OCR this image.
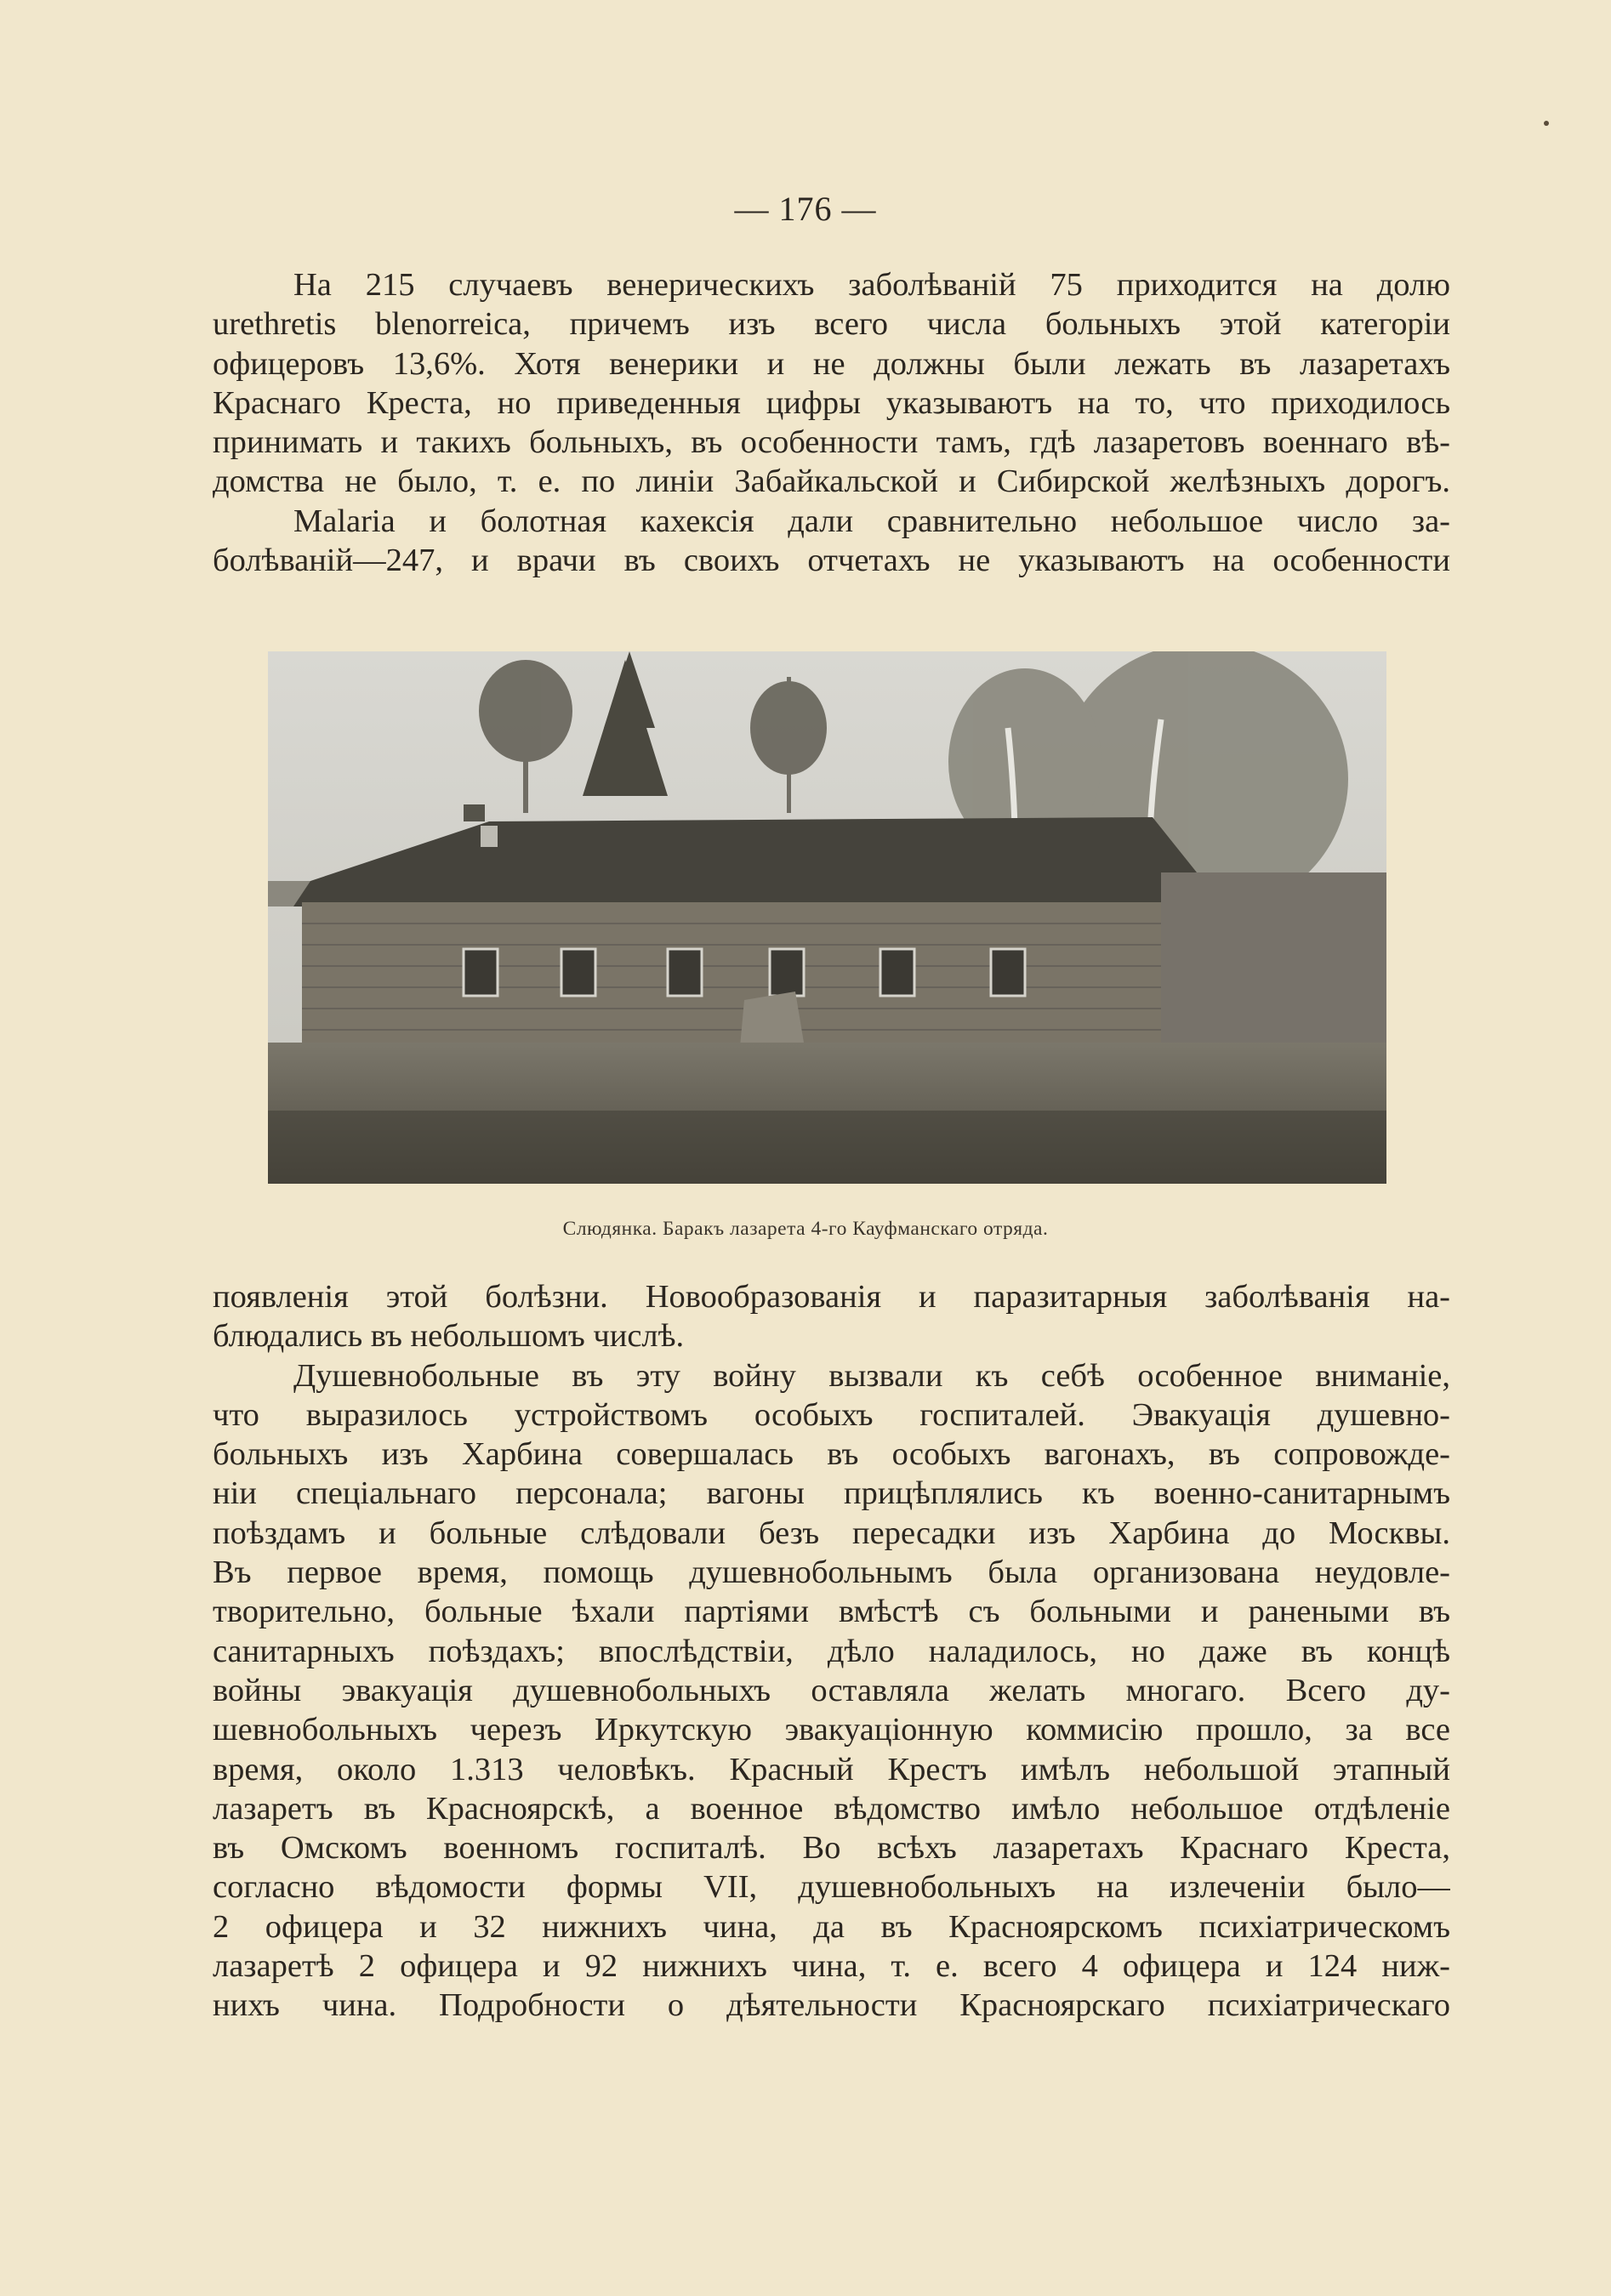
— 176 —
На 215 случаевъ венерическихъ заболѣваній 75 приходится на долю
urethretis blenorreica, причемъ изъ всего числа больныхъ этой категоріи
офицеровъ 13,6%. Хотя венерики и не должны были лежать въ лазаретахъ
Краснаго Креста, но приведенныя цифры указываютъ на то, что приходилось
принимать и такихъ больныхъ, въ особенности тамъ, гдѣ лазаретовъ военнаго вѣ-
домства не было, т. е. по линіи Забайкальской и Сибирской желѣзныхъ дорогъ.
Malaria и болотная кахексія дали сравнительно небольшое число за-
болѣваній—247, и врачи въ своихъ отчетахъ не указываютъ на особенности
Слюдянка. Баракъ лазарета 4-го Кауфманскаго отряда.
появленія этой болѣзни. Новообразованія и паразитарныя заболѣванія на-
блюдались въ небольшомъ числѣ.
Душевнобольные въ эту войну вызвали къ себѣ особенное вниманіе,
что выразилось устройствомъ особыхъ госпиталей. Эвакуація душевно-
больныхъ изъ Харбина совершалась въ особыхъ вагонахъ, въ сопровожде-
ніи спеціальнаго персонала; вагоны прицѣплялись къ военно-санитарнымъ
поѣздамъ и больные слѣдовали безъ пересадки изъ Харбина до Москвы.
Въ первое время, помощь душевнобольнымъ была организована неудовле-
творительно, больные ѣхали партіями вмѣстѣ съ больными и ранеными въ
санитарныхъ поѣздахъ; впослѣдствіи, дѣло наладилось, но даже въ концѣ
войны эвакуація душевнобольныхъ оставляла желать многаго. Всего ду-
шевнобольныхъ черезъ Иркутскую эвакуаціонную коммисію прошло, за все
время, около 1.313 человѣкъ. Красный Крестъ имѣлъ небольшой этапный
лазаретъ въ Красноярскѣ, а военное вѣдомство имѣло небольшое отдѣленіе
въ Омскомъ военномъ госпиталѣ. Во всѣхъ лазаретахъ Краснаго Креста,
согласно вѣдомости формы VII, душевнобольныхъ на излеченіи было—
2 офицера и 32 нижнихъ чина, да въ Красноярскомъ психіатрическомъ
лазаретѣ 2 офицера и 92 нижнихъ чина, т. е. всего 4 офицера и 124 ниж-
нихъ чина. Подробности о дѣятельности Красноярскаго психіатрическаго
